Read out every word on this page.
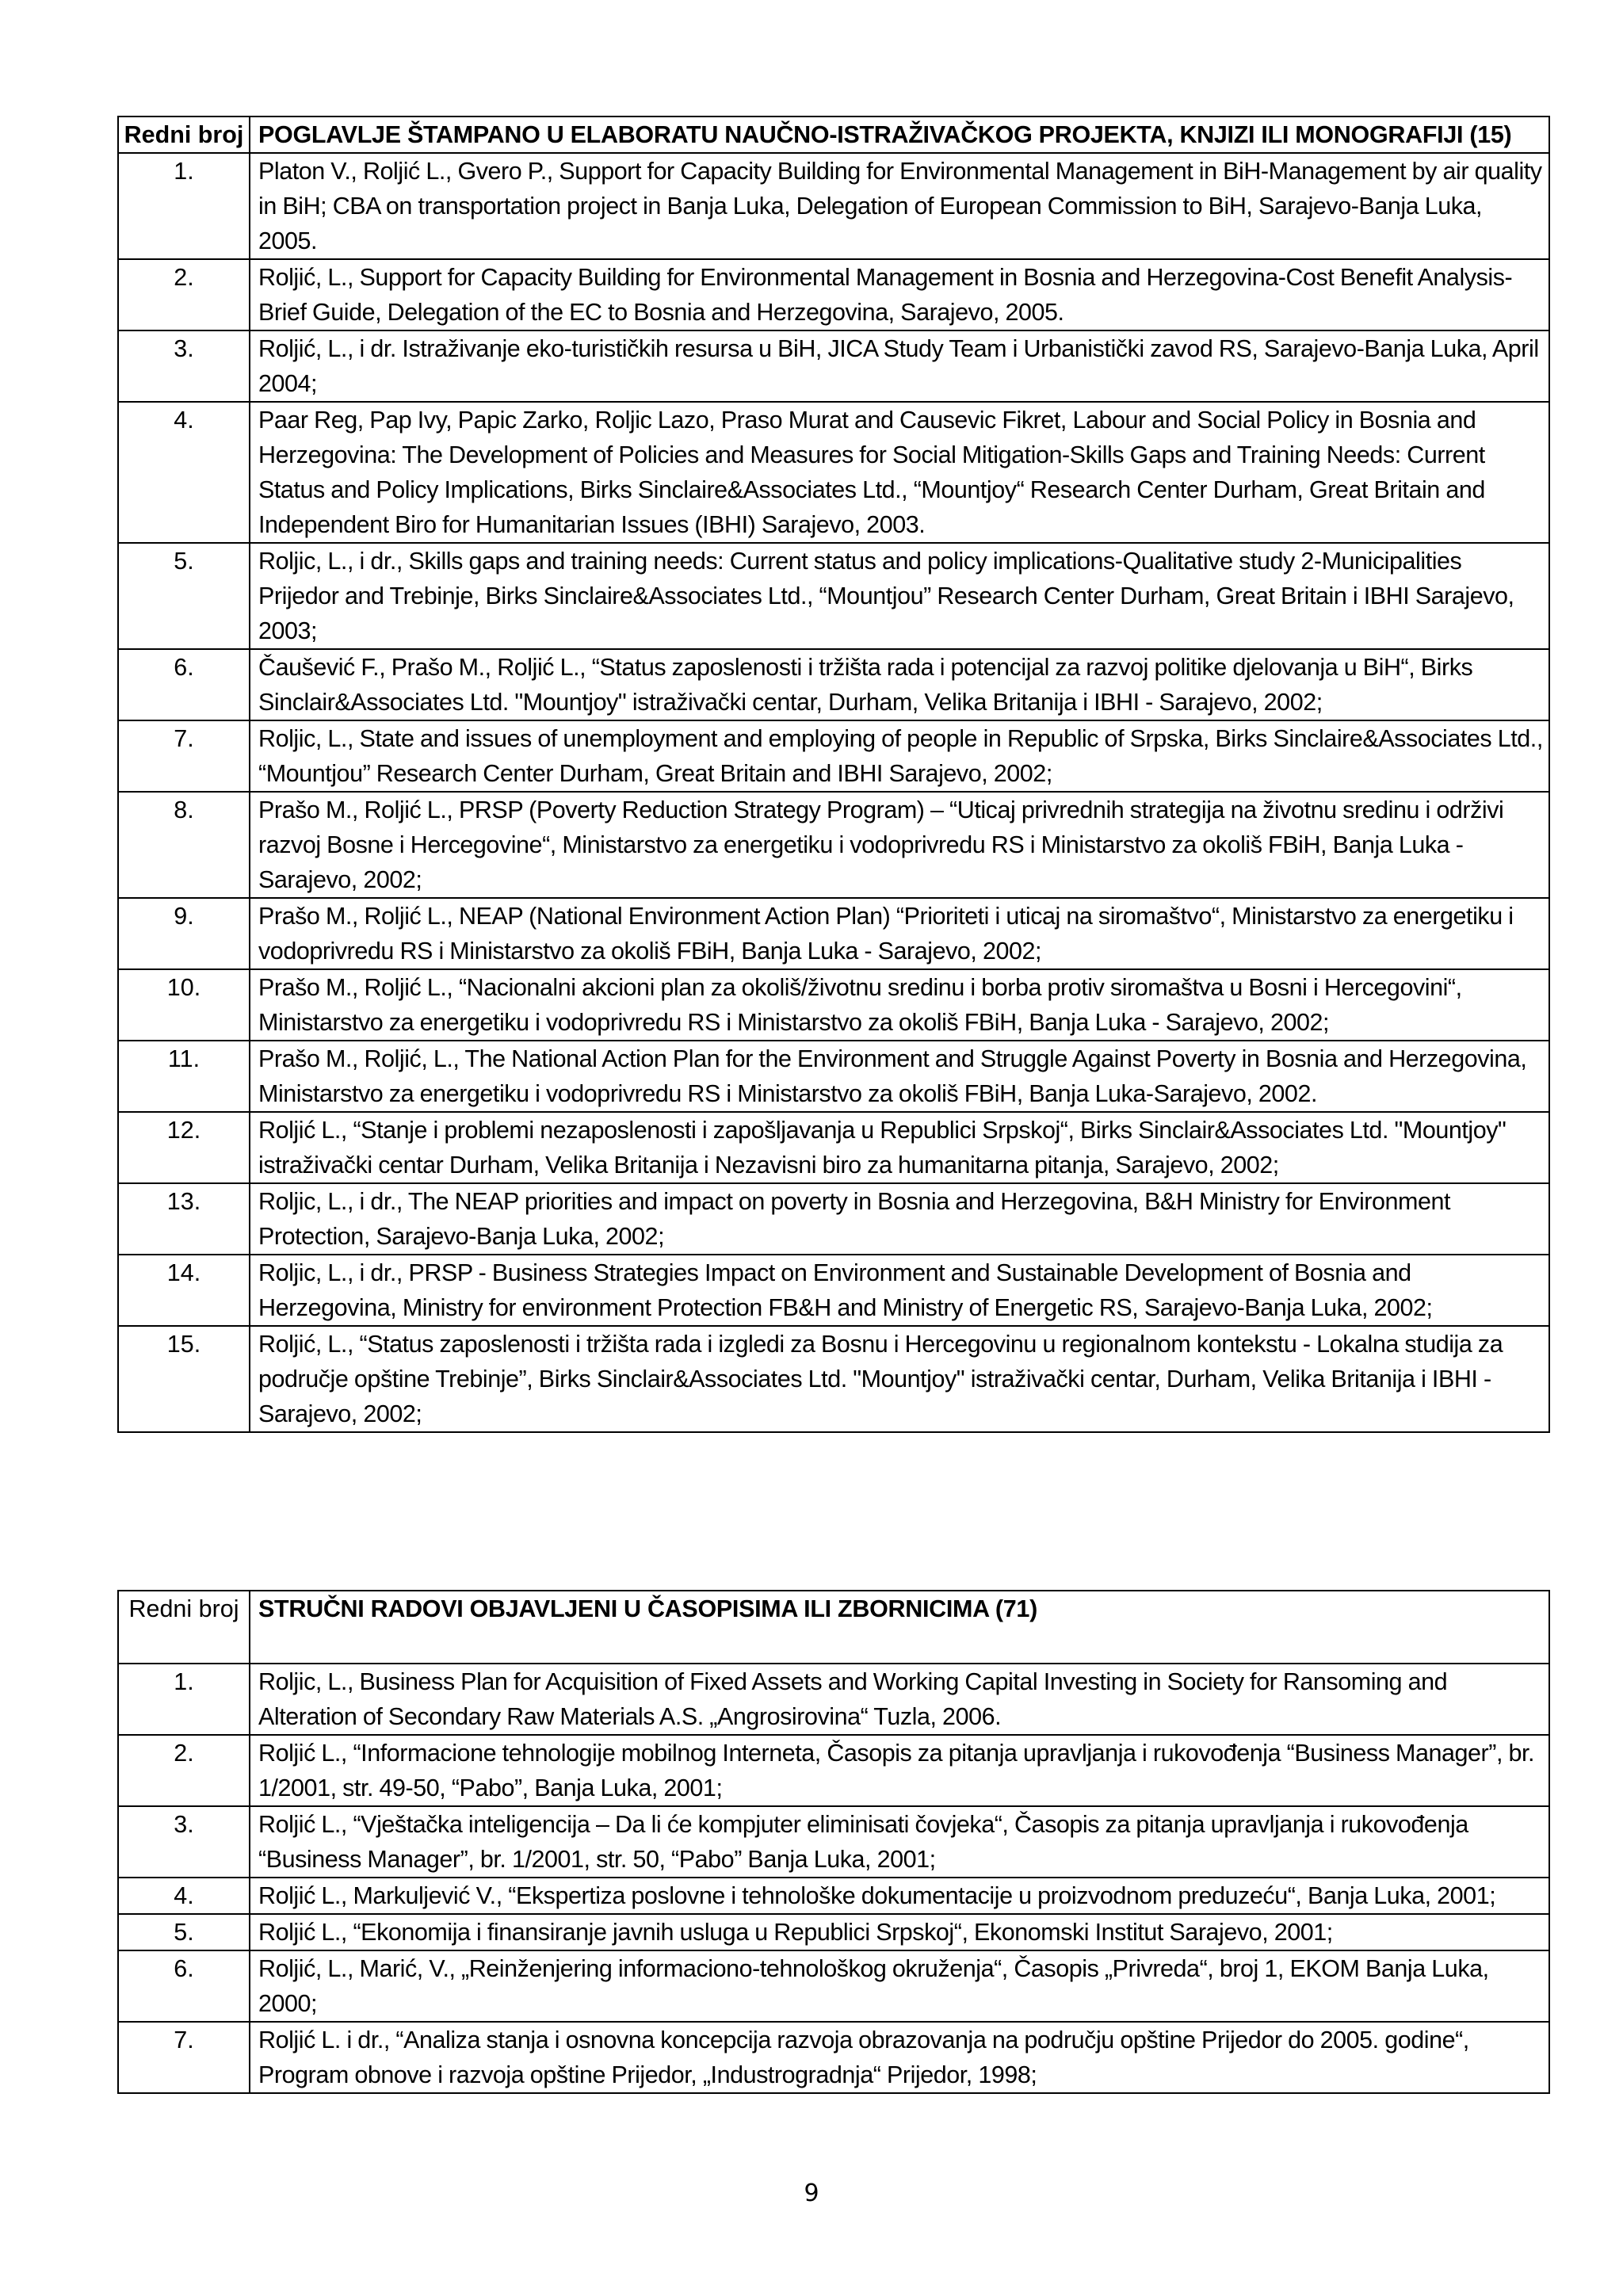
Redni broj	POGLAVLJE ŠTAMPANO U ELABORATU NAUČNO-ISTRAŽIVAČKOG PROJEKTA, KNJIZI ILI MONOGRAFIJI (15)
1.	Platon V., Roljić L., Gvero P., Support for Capacity Building for Environmental Management in BiH-Management by air quality in BiH; CBA on transportation project in Banja Luka, Delegation of European Commission to BiH, Sarajevo-Banja Luka, 2005.
2.	Roljić, L., Support for Capacity Building for Environmental Management in Bosnia and Herzegovina-Cost Benefit Analysis-Brief Guide, Delegation of the EC to Bosnia and Herzegovina, Sarajevo, 2005.
3.	Roljić, L., i dr. Istraživanje eko-turističkih resursa u BiH, JICA Study Team i Urbanistički zavod RS, Sarajevo-Banja Luka, April 2004;
4.	Paar Reg, Pap Ivy, Papic Zarko, Roljic Lazo, Praso Murat and Causevic Fikret, Labour and Social Policy in Bosnia and Herzegovina: The Development of Policies and Measures for Social Mitigation-Skills Gaps and Training Needs: Current Status and Policy Implications, Birks Sinclaire&Associates Ltd., “Mountjoy“ Research Center Durham, Great Britain and Independent Biro for Humanitarian Issues (IBHI) Sarajevo, 2003.
5.	Roljic, L., i dr., Skills gaps and training needs: Current status and policy implications-Qualitative study 2-Municipalities Prijedor and Trebinje, Birks Sinclaire&Associates Ltd., “Mountjou” Research Center Durham, Great Britain i IBHI Sarajevo, 2003;
6.	Čaušević F., Prašo M., Roljić L., “Status zaposlenosti i tržišta rada i potencijal za razvoj politike djelovanja u BiH“, Birks Sinclair&Associates Ltd. "Mountjoy" istraživački centar, Durham, Velika Britanija i IBHI - Sarajevo, 2002;
7.	Roljic, L., State and issues of unemployment and employing of people in Republic of Srpska, Birks Sinclaire&Associates Ltd., “Mountjou” Research Center Durham, Great Britain and IBHI Sarajevo, 2002;
8.	Prašo M., Roljić L., PRSP (Poverty Reduction Strategy Program) – “Uticaj privrednih strategija na životnu sredinu i održivi razvoj Bosne i Hercegovine“, Ministarstvo za energetiku i vodoprivredu RS i Ministarstvo za okoliš FBiH, Banja Luka - Sarajevo, 2002;
9.	Prašo M., Roljić L., NEAP (National Environment Action Plan) “Prioriteti i uticaj na siromaštvo“, Ministarstvo za energetiku i vodoprivredu RS i Ministarstvo za okoliš FBiH, Banja Luka - Sarajevo, 2002;
10.	Prašo M., Roljić L., “Nacionalni akcioni plan za okoliš/životnu sredinu i borba protiv siromaštva u Bosni i Hercegovini“, Ministarstvo za energetiku i vodoprivredu RS i Ministarstvo za okoliš FBiH, Banja Luka - Sarajevo, 2002;
11.	Prašo M., Roljić, L., The National Action Plan for the Environment and Struggle Against Poverty in Bosnia and Herzegovina, Ministarstvo za energetiku i vodoprivredu RS i Ministarstvo za okoliš FBiH, Banja Luka-Sarajevo, 2002.
12.	Roljić L., “Stanje i problemi nezaposlenosti i zapošljavanja u Republici Srpskoj“, Birks Sinclair&Associates Ltd. "Mountjoy" istraživački centar Durham, Velika Britanija i Nezavisni biro za humanitarna pitanja, Sarajevo, 2002;
13.	Roljic, L., i dr., The NEAP priorities and impact on poverty in Bosnia and Herzegovina, B&H Ministry for Environment Protection, Sarajevo-Banja Luka, 2002;
14.	Roljic, L., i dr., PRSP - Business Strategies Impact on Environment and Sustainable Development of Bosnia and Herzegovina, Ministry for environment Protection FB&H and Ministry of Energetic RS, Sarajevo-Banja Luka, 2002;
15.	Roljić, L., “Status zaposlenosti i tržišta rada i izgledi za Bosnu i Hercegovinu u regionalnom kontekstu - Lokalna studija za područje opštine Trebinje”, Birks Sinclair&Associates Ltd. "Mountjoy" istraživački centar, Durham, Velika Britanija i IBHI - Sarajevo, 2002;
Redni broj	STRUČNI RADOVI OBJAVLJENI U ČASOPISIMA ILI ZBORNICIMA (71)
1.	Roljic, L., Business Plan for Acquisition of Fixed Assets and Working Capital Investing in Society for Ransoming and Alteration of Secondary Raw Materials A.S. „Angrosirovina“ Tuzla, 2006.
2.	Roljić L., “Informacione tehnologije mobilnog Interneta, Časopis za pitanja upravljanja i rukovođenja “Business Manager”, br. 1/2001, str. 49-50, “Pabo”, Banja Luka, 2001;
3.	Roljić L., “Vještačka inteligencija – Da li će kompjuter eliminisati čovjeka“, Časopis za pitanja upravljanja i rukovođenja “Business Manager”, br. 1/2001, str. 50, “Pabo” Banja Luka, 2001;
4.	Roljić L., Markuljević V., “Ekspertiza poslovne i tehnološke dokumentacije u proizvodnom preduzeću“, Banja Luka, 2001;
5.	Roljić L., “Ekonomija i finansiranje javnih usluga u Republici Srpskoj“, Ekonomski Institut Sarajevo, 2001;
6.	Roljić, L., Marić, V., „Reinženjering informaciono-tehnološkog okruženja“, Časopis „Privreda“, broj 1, EKOM Banja Luka, 2000;
7.	Roljić L. i dr., “Analiza stanja i osnovna koncepcija razvoja obrazovanja na području opštine Prijedor do 2005. godine“, Program obnove i razvoja opštine Prijedor, „Industrogradnja“ Prijedor, 1998;
9
